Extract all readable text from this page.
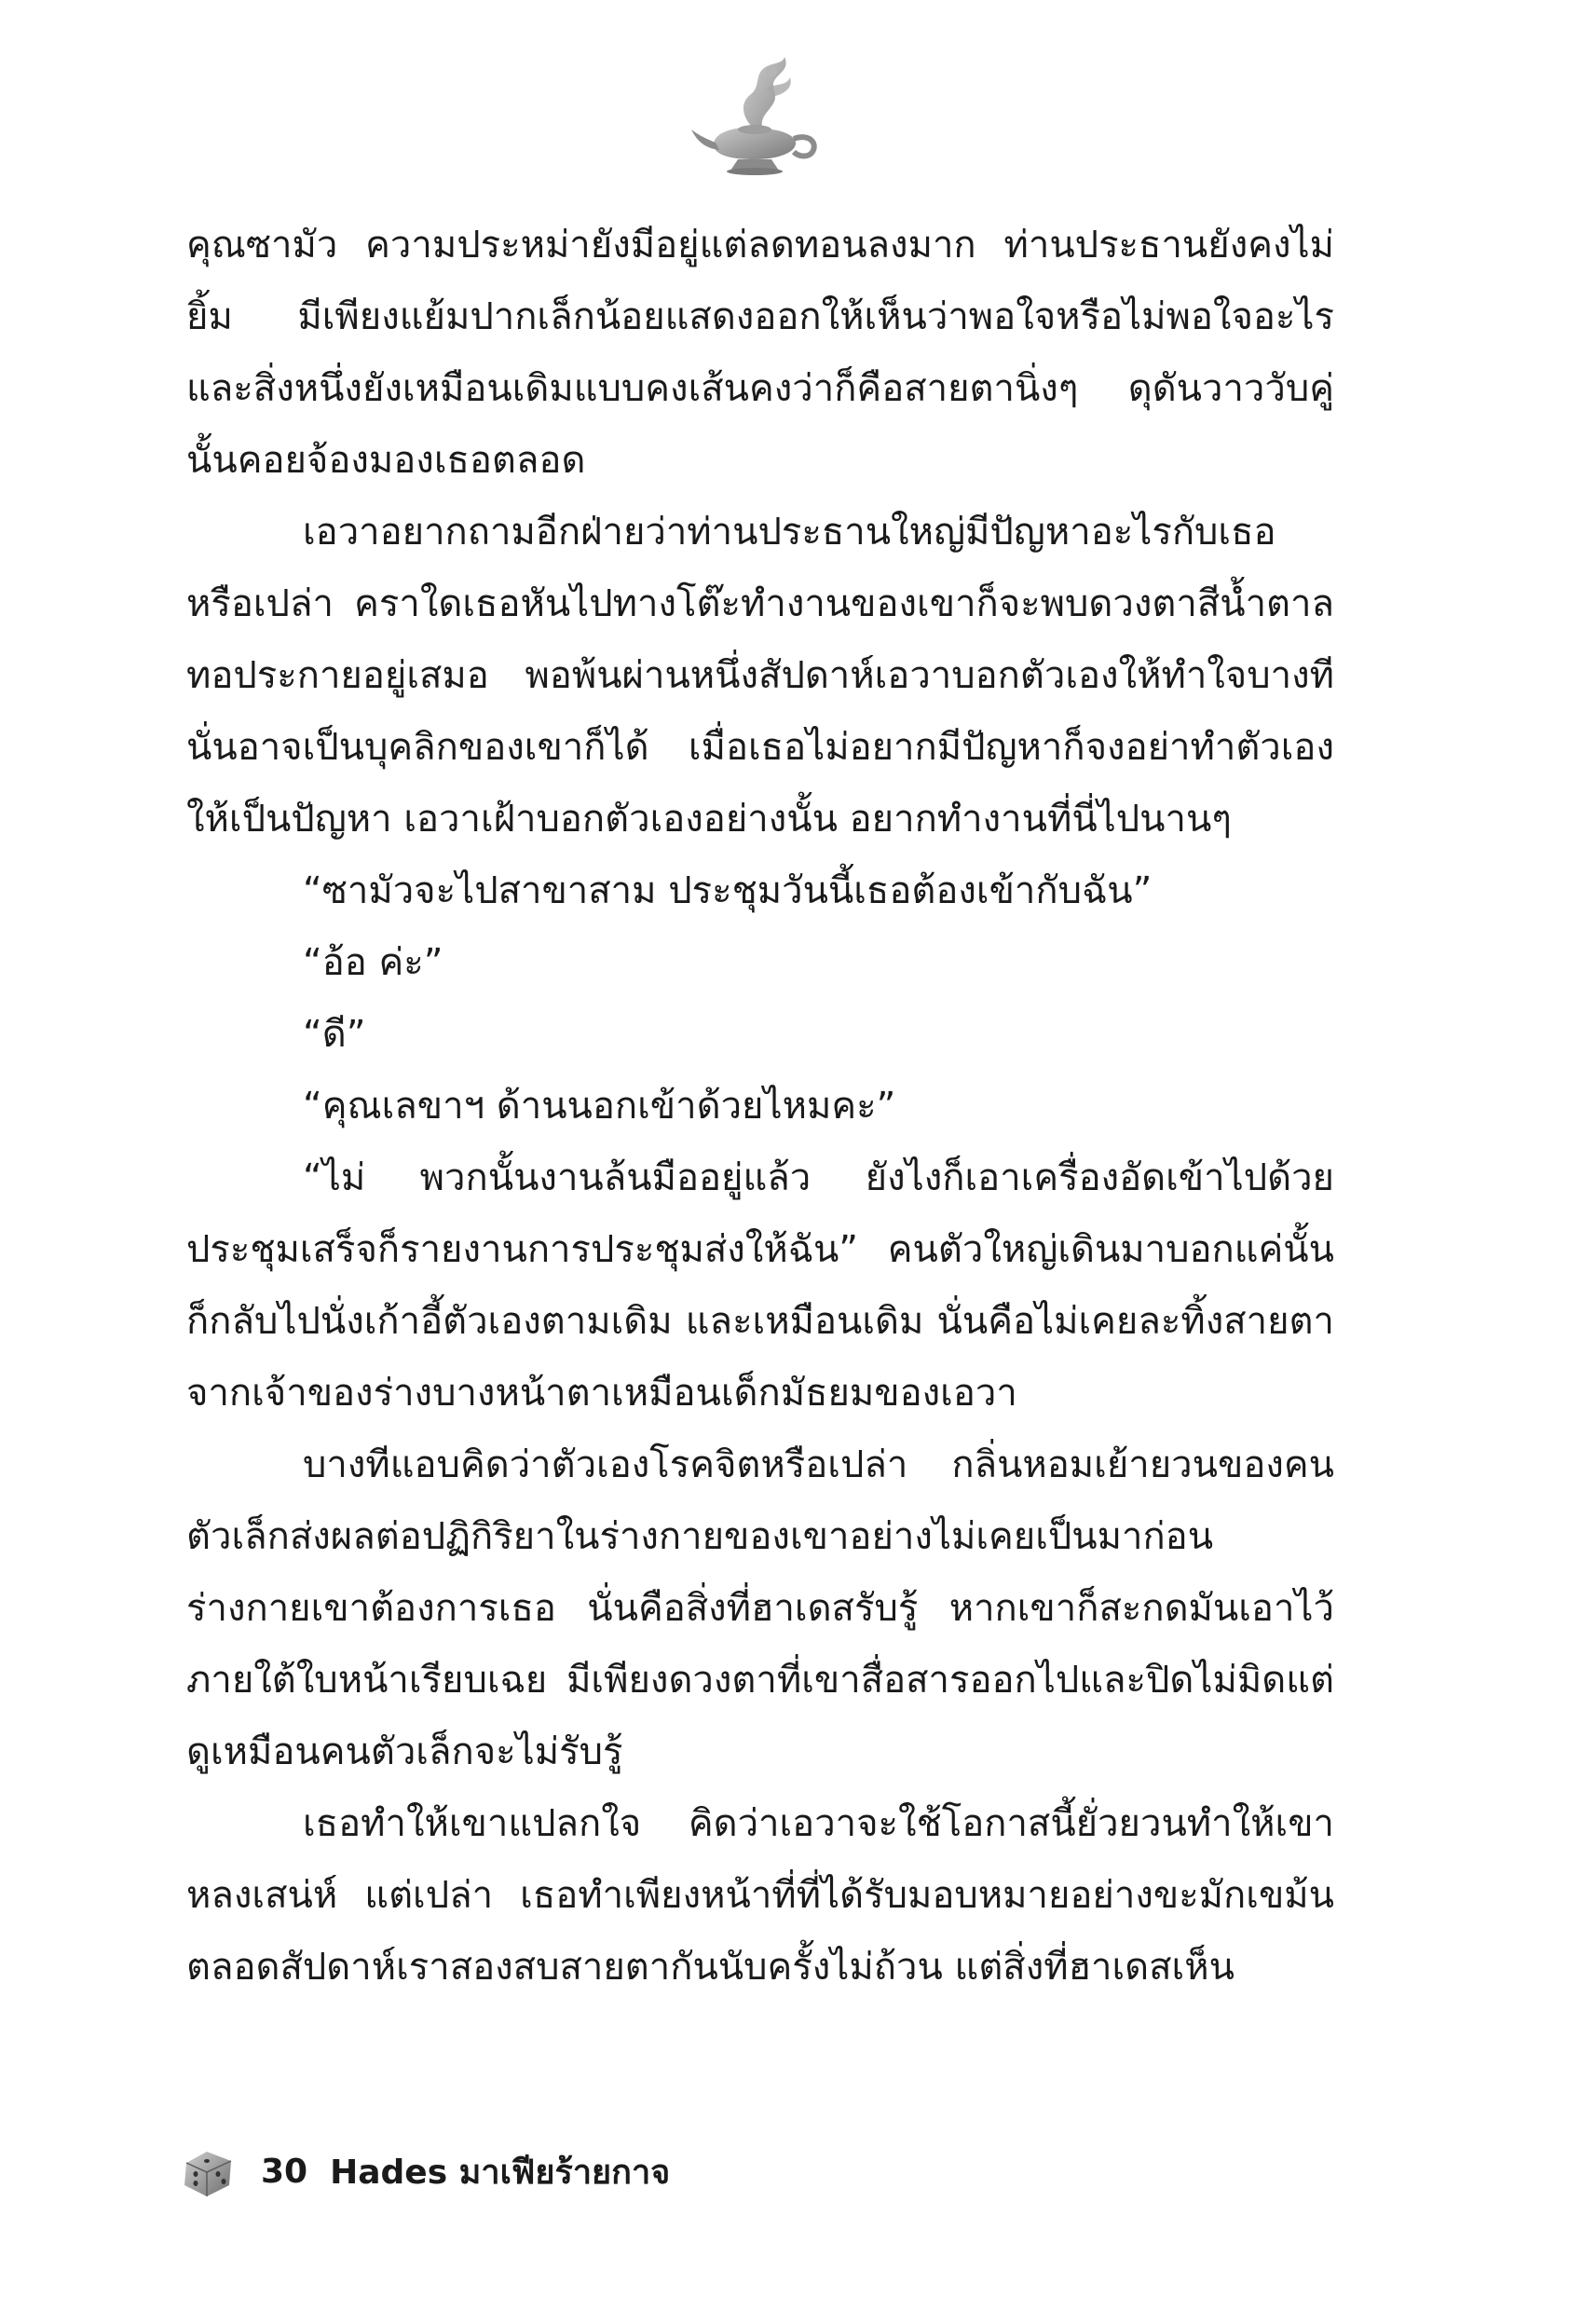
คุณซามัว ความประหม่ายังมีอยู่แต่ลดทอนลงมาก ท่านประธานยังคงไม่ยิ้ม มีเพียงแย้มปากเล็กน้อยแสดงออกให้เห็นว่าพอใจหรือไม่พอใจอะไร และสิ่งหนึ่งยังเหมือนเดิมแบบคงเส้นคงว่าก็คือสายตานิ่งๆ ดุดันวาววับคู่นั้นคอยจ้องมองเธอตลอด

เอวาอยากถามอีกฝ่ายว่าท่านประธานใหญ่มีปัญหาอะไรกับเธอหรือเปล่า คราใดเธอหันไปทางโต๊ะทำงานของเขาก็จะพบดวงตาสีน้ำตาลทอประกายอยู่เสมอ พอพ้นผ่านหนึ่งสัปดาห์เอวาบอกตัวเองให้ทำใจบางทีนั่นอาจเป็นบุคลิกของเขาก็ได้ เมื่อเธอไม่อยากมีปัญหาก็จงอย่าทำตัวเองให้เป็นปัญหา เอวาเฝ้าบอกตัวเองอย่างนั้น อยากทำงานที่นี่ไปนานๆ

“ซามัวจะไปสาขาสาม ประชุมวันนี้เธอต้องเข้ากับฉัน”

“อ้อ ค่ะ”

“ดี”

“คุณเลขาฯ ด้านนอกเข้าด้วยไหมคะ”

“ไม่ พวกนั้นงานล้นมืออยู่แล้ว ยังไงก็เอาเครื่องอัดเข้าไปด้วยประชุมเสร็จก็รายงานการประชุมส่งให้ฉัน” คนตัวใหญ่เดินมาบอกแค่นั้นก็กลับไปนั่งเก้าอี้ตัวเองตามเดิม และเหมือนเดิม นั่นคือไม่เคยละทิ้งสายตาจากเจ้าของร่างบางหน้าตาเหมือนเด็กมัธยมของเอวา

บางทีแอบคิดว่าตัวเองโรคจิตหรือเปล่า กลิ่นหอมเย้ายวนของคนตัวเล็กส่งผลต่อปฏิกิริยาในร่างกายของเขาอย่างไม่เคยเป็นมาก่อนร่างกายเขาต้องการเธอ นั่นคือสิ่งที่ฮาเดสรับรู้ หากเขาก็สะกดมันเอาไว้ภายใต้ใบหน้าเรียบเฉย มีเพียงดวงตาที่เขาสื่อสารออกไปและปิดไม่มิดแต่ดูเหมือนคนตัวเล็กจะไม่รับรู้

เธอทำให้เขาแปลกใจ คิดว่าเอวาจะใช้โอกาสนี้ยั่วยวนทำให้เขาหลงเสน่ห์ แต่เปล่า เธอทำเพียงหน้าที่ที่ได้รับมอบหมายอย่างขะมักเขม้นตลอดสัปดาห์เราสองสบสายตากันนับครั้งไม่ถ้วน แต่สิ่งที่ฮาเดสเห็น

30 Hades มาเฟียร้ายกาจ
